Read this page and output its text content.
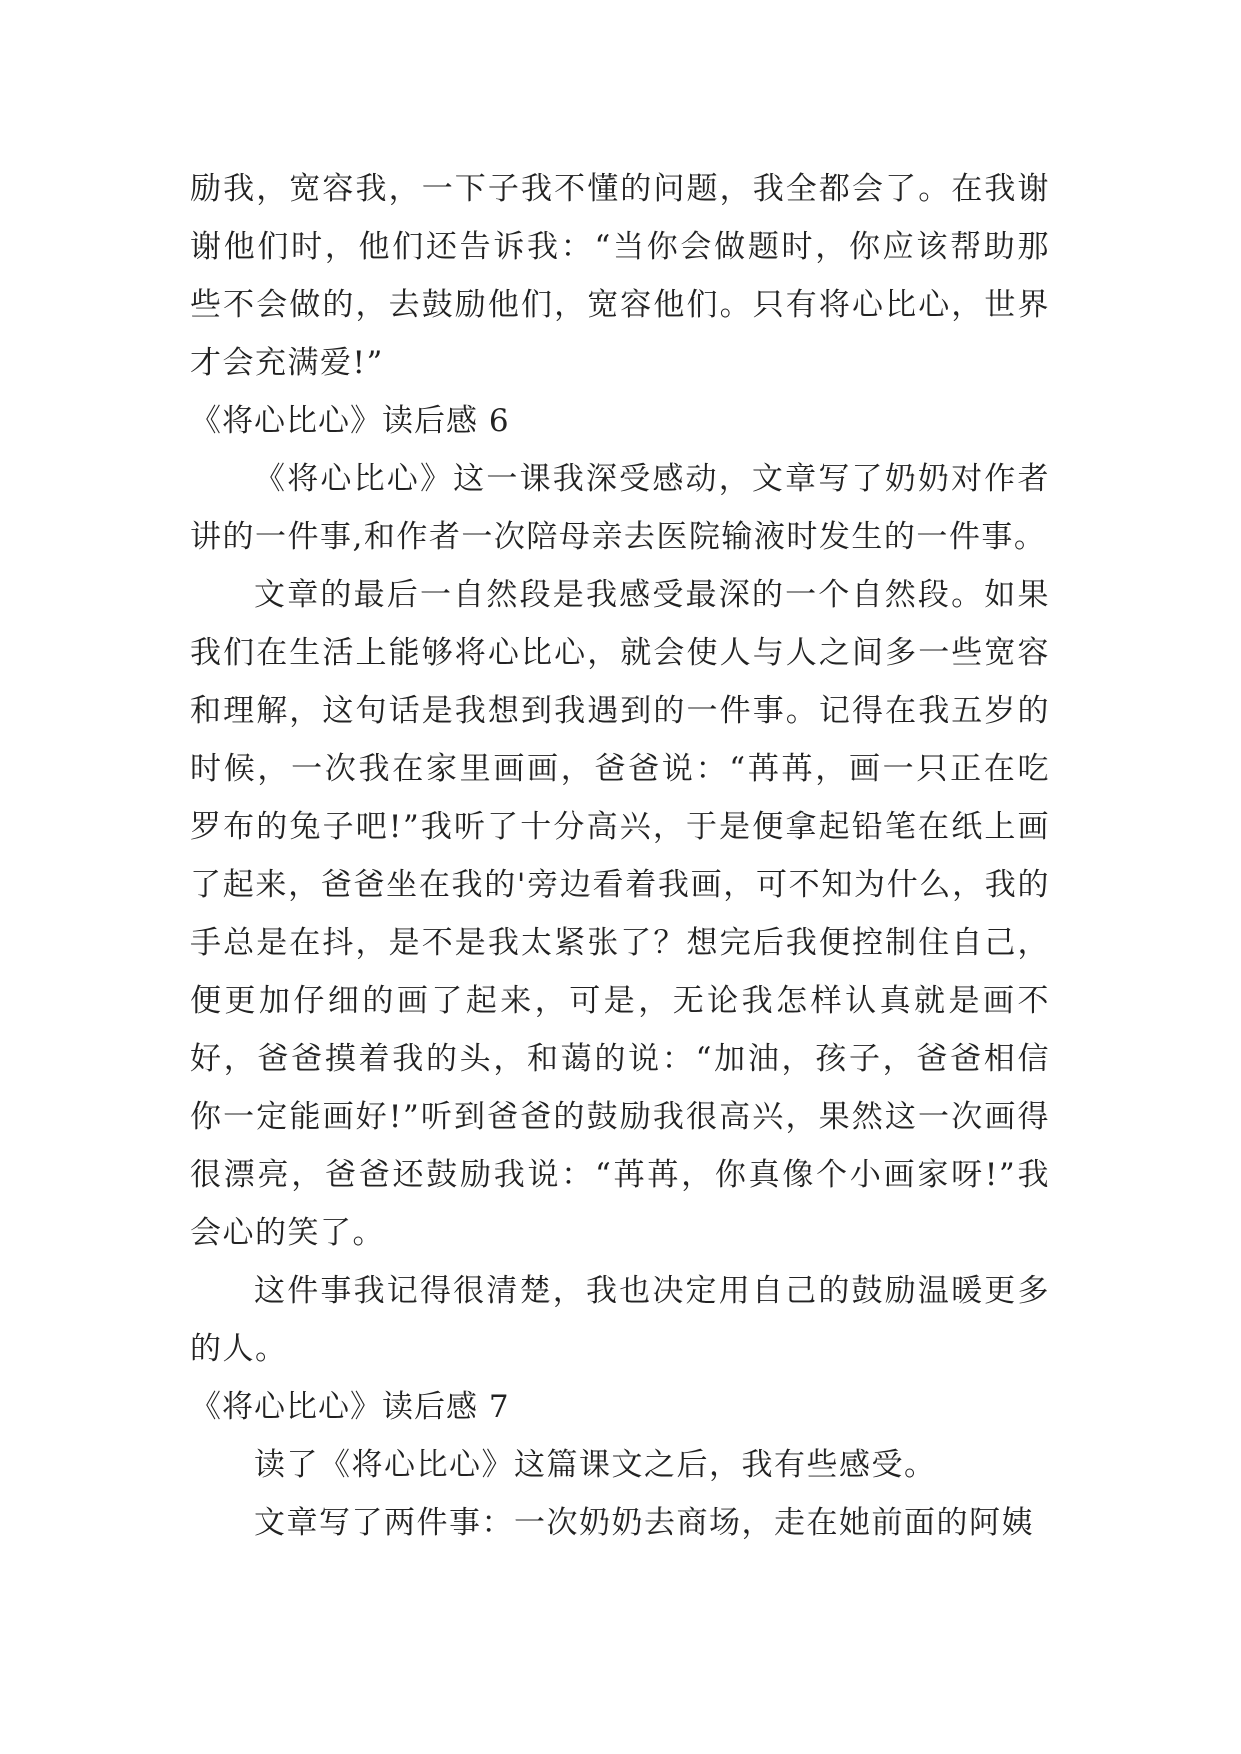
励我，宽容我，一下子我不懂的问题，我全都会了。在我谢谢他们时，他们还告诉我：“当你会做题时，你应该帮助那些不会做的，去鼓励他们，宽容他们。只有将心比心，世界才会充满爱!”

《将心比心》读后感 6

《将心比心》这一课我深受感动，文章写了奶奶对作者讲的一件事,和作者一次陪母亲去医院输液时发生的一件事。

文章的最后一自然段是我感受最深的一个自然段。如果我们在生活上能够将心比心，就会使人与人之间多一些宽容和理解，这句话是我想到我遇到的一件事。记得在我五岁的时候，一次我在家里画画，爸爸说：“苒苒，画一只正在吃罗布的兔子吧!”我听了十分高兴，于是便拿起铅笔在纸上画了起来，爸爸坐在我的'旁边看着我画，可不知为什么，我的手总是在抖，是不是我太紧张了？想完后我便控制住自己，便更加仔细的画了起来，可是，无论我怎样认真就是画不好，爸爸摸着我的头，和蔼的说：“加油，孩子，爸爸相信你一定能画好!”听到爸爸的鼓励我很高兴，果然这一次画得很漂亮，爸爸还鼓励我说：“苒苒，你真像个小画家呀!”我会心的笑了。

这件事我记得很清楚，我也决定用自己的鼓励温暖更多的人。

《将心比心》读后感 7

读了《将心比心》这篇课文之后，我有些感受。

文章写了两件事：一次奶奶去商场，走在她前面的阿姨
